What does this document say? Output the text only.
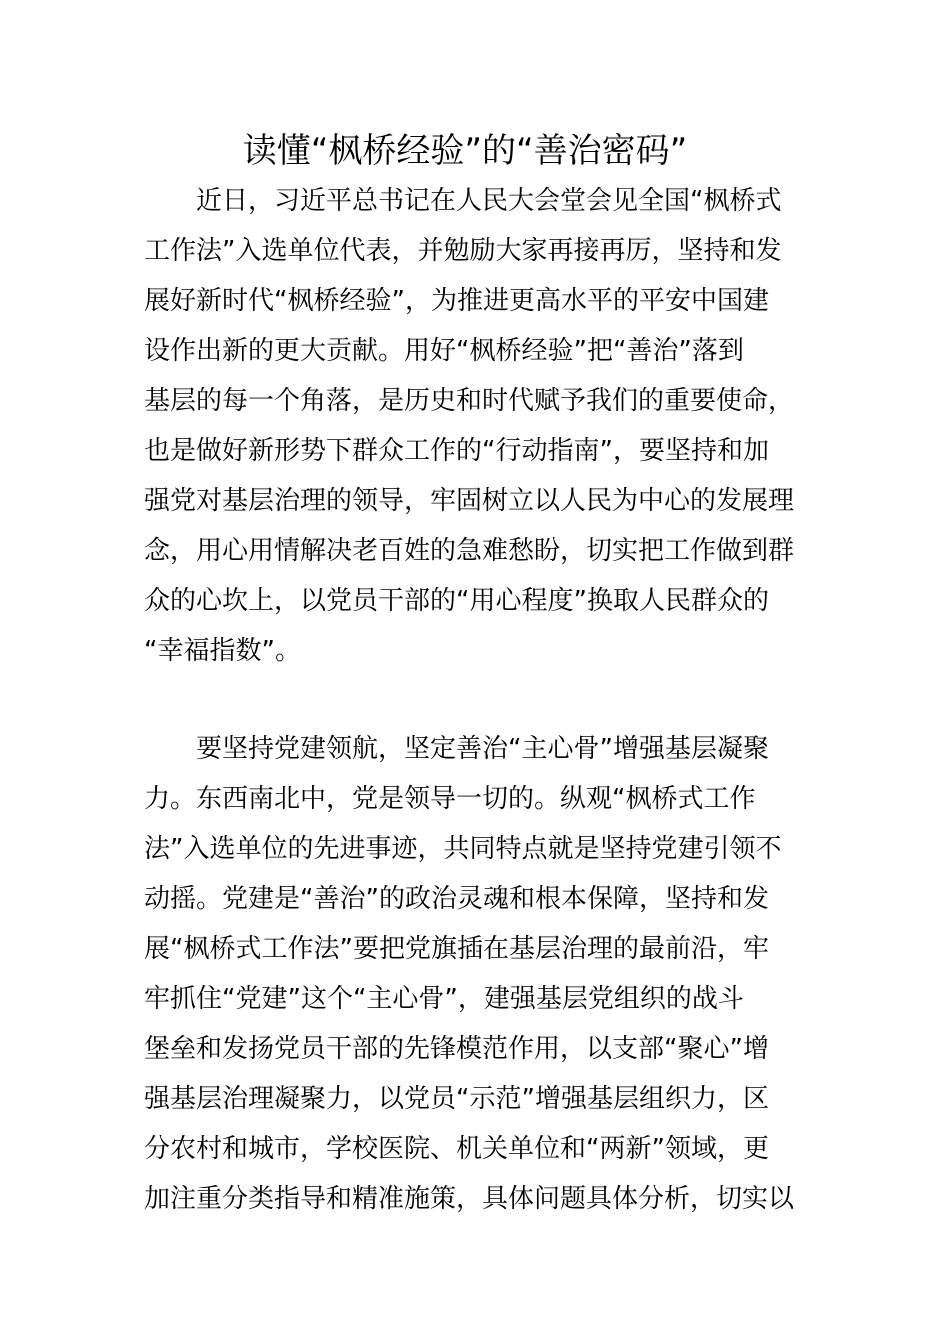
读懂“枫桥经验”的“善治密码”
　　近日，习近平总书记在人民大会堂会见全国“枫桥式
工作法”入选单位代表，并勉励大家再接再厉，坚持和发
展好新时代“枫桥经验”，为推进更高水平的平安中国建
设作出新的更大贡献。用好“枫桥经验”把“善治”落到
基层的每一个角落，是历史和时代赋予我们的重要使命，
也是做好新形势下群众工作的“行动指南”，要坚持和加
强党对基层治理的领导，牢固树立以人民为中心的发展理
念，用心用情解决老百姓的急难愁盼，切实把工作做到群
众的心坎上，以党员干部的“用心程度”换取人民群众的
“幸福指数”。
　　要坚持党建领航，坚定善治“主心骨”增强基层凝聚
力。东西南北中，党是领导一切的。纵观“枫桥式工作
法”入选单位的先进事迹，共同特点就是坚持党建引领不
动摇。党建是“善治”的政治灵魂和根本保障，坚持和发
展“枫桥式工作法”要把党旗插在基层治理的最前沿，牢
牢抓住“党建”这个“主心骨”，建强基层党组织的战斗
堡垒和发扬党员干部的先锋模范作用，以支部“聚心”增
强基层治理凝聚力，以党员“示范”增强基层组织力，区
分农村和城市，学校医院、机关单位和“两新”领域，更
加注重分类指导和精准施策，具体问题具体分析，切实以
